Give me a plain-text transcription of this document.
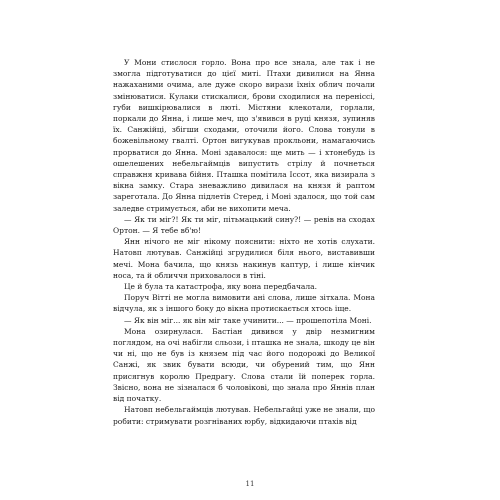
У Мони стислося горло. Вона про все знала, але так і не змогла підготуватися до цієї миті. Птахи дивилися на Янна нажаханими очима, але дуже скоро вирази їхніх облич почали змінюватися. Кулаки стискалися, брови сходилися на переніссі, губи вишкірювалися в люті. Містяни клекотали, горлали, поркали до Янна, і лише меч, що з'явився в руці князя, зупиняв їх. Санжійці, збігши сходами, оточили його. Слова тонули в божевільному гвалті. Ортон вигукував прокльони, намагаючись прорватися до Янна. Моні здавалося: ще мить — і хтонебудь із ошелешених небельгаймців випустить стрілу й почнеться справжня кривава бійня. Пташка помітила Іссот, яка визирала з вікна замку. Стара зневажливо дивилася на князя й раптом зареготала. До Янна підлетів Стеред, і Моні здалося, що той сам заледве стримується, аби не вихопити меча.

— Як ти міг?! Як ти міг, пітьмацький сину?! — ревів на сходах Ортон. — Я тебе вб'ю!

Янн нічого не міг нікому пояснити: ніхто не хотів слухати. Натовп лютував. Санжійці згрудилися біля нього, виставивши мечі. Мона бачила, що князь накинув каптур, і лише кінчик носа, та й обличчя приховалося в тіні.

Це й була та катастрофа, яку вона передбачала.

Поруч Вітті не могла вимовити ані слова, лише зітхала. Мона відчула, як з іншого боку до вікна протискається хтось іще.

— Як він міг... як він міг таке учинити... — прошепотіла Моні.

Мона озирнулася. Бастіан дивився у двір незмигним поглядом, на очі набігли сльози, і пташка не знала, шкоду це він чи ні, що не був із князем під час його подорожі до Великої Санжі, як звик бувати всюди, чи обурений тим, що Янн присягнув королю Предрагу. Слова стали їй поперек горла. Звісно, вона не зізналася б чоловікові, що знала про Яннів план від початку.

Натовп небельгаймців лютував. Небельгайці уже не знали, що робити: стримувати розгніваних юрбу, відкидаючи птахів від

11
